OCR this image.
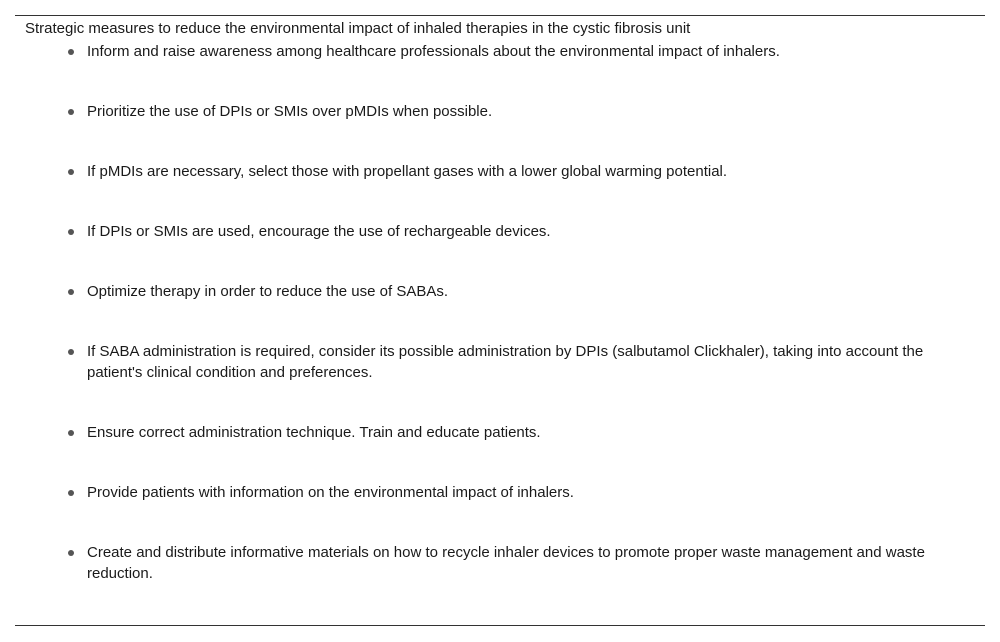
Strategic measures to reduce the environmental impact of inhaled therapies in the cystic fibrosis unit
Inform and raise awareness among healthcare professionals about the environmental impact of inhalers.
Prioritize the use of DPIs or SMIs over pMDIs when possible.
If pMDIs are necessary, select those with propellant gases with a lower global warming potential.
If DPIs or SMIs are used, encourage the use of rechargeable devices.
Optimize therapy in order to reduce the use of SABAs.
If SABA administration is required, consider its possible administration by DPIs (salbutamol Clickhaler), taking into account the patient's clinical condition and preferences.
Ensure correct administration technique. Train and educate patients.
Provide patients with information on the environmental impact of inhalers.
Create and distribute informative materials on how to recycle inhaler devices to promote proper waste management and waste reduction.
